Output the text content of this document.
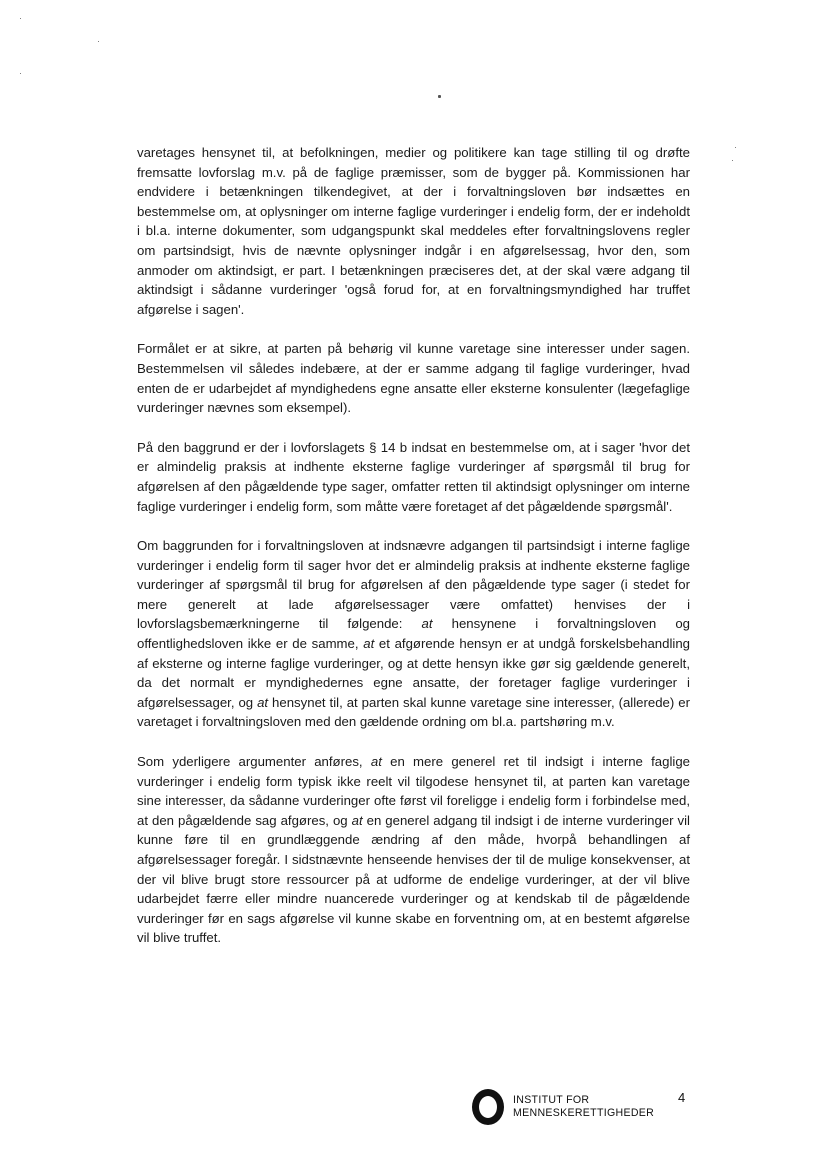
varetages hensynet til, at befolkningen, medier og politikere kan tage stilling til og drøfte fremsatte lovforslag m.v. på de faglige præmisser, som de bygger på. Kommissionen har endvidere i betænkningen tilkendegivet, at der i forvaltningsloven bør indsættes en bestemmelse om, at oplysninger om interne faglige vurderinger i endelig form, der er indeholdt i bl.a. interne dokumenter, som udgangspunkt skal meddeles efter forvaltningslovens regler om partsindsigt, hvis de nævnte oplysninger indgår i en afgørelsessag, hvor den, som anmoder om aktindsigt, er part. I betænkningen præciseres det, at der skal være adgang til aktindsigt i sådanne vurderinger 'også forud for, at en forvaltningsmyndighed har truffet afgørelse i sagen'.

Formålet er at sikre, at parten på behørig vil kunne varetage sine interesser under sagen. Bestemmelsen vil således indebære, at der er samme adgang til faglige vurderinger, hvad enten de er udarbejdet af myndighedens egne ansatte eller eksterne konsulenter (lægefaglige vurderinger nævnes som eksempel).

På den baggrund er der i lovforslagets § 14 b indsat en bestemmelse om, at i sager 'hvor det er almindelig praksis at indhente eksterne faglige vurderinger af spørgsmål til brug for afgørelsen af den pågældende type sager, omfatter retten til aktindsigt oplysninger om interne faglige vurderinger i endelig form, som måtte være foretaget af det pågældende spørgsmål'.

Om baggrunden for i forvaltningsloven at indsnævre adgangen til partsindsigt i interne faglige vurderinger i endelig form til sager hvor det er almindelig praksis at indhente eksterne faglige vurderinger af spørgsmål til brug for afgørelsen af den pågældende type sager (i stedet for mere generelt at lade afgørelsessager være omfattet) henvises der i lovforslagsbemærkningerne til følgende: at hensynene i forvaltningsloven og offentlighedsloven ikke er de samme, at et afgørende hensyn er at undgå forskelsbehandling af eksterne og interne faglige vurderinger, og at dette hensyn ikke gør sig gældende generelt, da det normalt er myndighedernes egne ansatte, der foretager faglige vurderinger i afgørelsessager, og at hensynet til, at parten skal kunne varetage sine interesser, (allerede) er varetaget i forvaltningsloven med den gældende ordning om bl.a. partshøring m.v.

Som yderligere argumenter anføres, at en mere generel ret til indsigt i interne faglige vurderinger i endelig form typisk ikke reelt vil tilgodese hensynet til, at parten kan varetage sine interesser, da sådanne vurderinger ofte først vil foreligge i endelig form i forbindelse med, at den pågældende sag afgøres, og at en generel adgang til indsigt i de interne vurderinger vil kunne føre til en grundlæggende ændring af den måde, hvorpå behandlingen af afgørelsessager foregår. I sidstnævnte henseende henvises der til de mulige konsekvenser, at der vil blive brugt store ressourcer på at udforme de endelige vurderinger, at der vil blive udarbejdet færre eller mindre nuancerede vurderinger og at kendskab til de pågældende vurderinger før en sags afgørelse vil kunne skabe en forventning om, at en bestemt afgørelse vil blive truffet.

INSTITUT FOR
MENNESKERETTIGHEDER
4
